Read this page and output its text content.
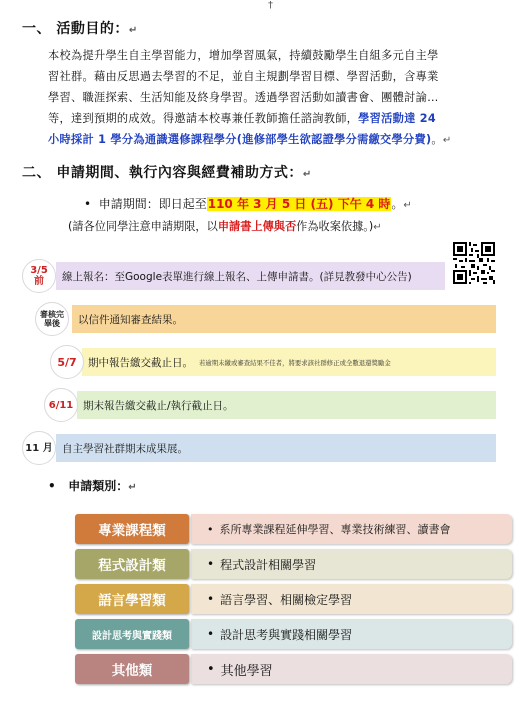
†
一、 活動目的：↵
本校為提升學生自主學習能力，增加學習風氣，持續鼓勵學生自組多元自主學
習社群。藉由反思過去學習的不足，並自主規劃學習目標、學習活動，含專業
學習、職涯探索、生活知能及終身學習。透過學習活動如讀書會、團體討論…
等，達到預期的成效。得邀請本校專兼任教師擔任諮詢教師，學習活動達 24
小時採計 1 學分為通識選修課程學分(進修部學生欲認證學分需繳交學分費)。↵
二、 申請期間、執行內容與經費補助方式：↵
•  申請期間：即日起至110 年 3 月 5 日 (五) 下午 4 時。↵
(請各位同學注意申請期限，以申請書上傳與否作為收案依據。)↵
線上報名：至Google表單進行線上報名、上傳申請書。(詳見教發中心公告)
3/5
前
以信件通知審查結果。
審核完
畢後
期中報告繳交截止日。 若逾期未繳或審查結果不佳者，將要求該社群修正或全數退還獎勵金
5/7
期末報告繳交截止/執行截止日。
6/11
自主學習社群期末成果展。
11 月
•   申請類別：↵
• 系所專業課程延伸學習、專業技術練習、讀書會
專業課程類
• 程式設計相關學習
程式設計類
• 語言學習、相關檢定學習
語言學習類
• 設計思考與實踐相關學習
設計思考與實踐類
• 其他學習
其他類
